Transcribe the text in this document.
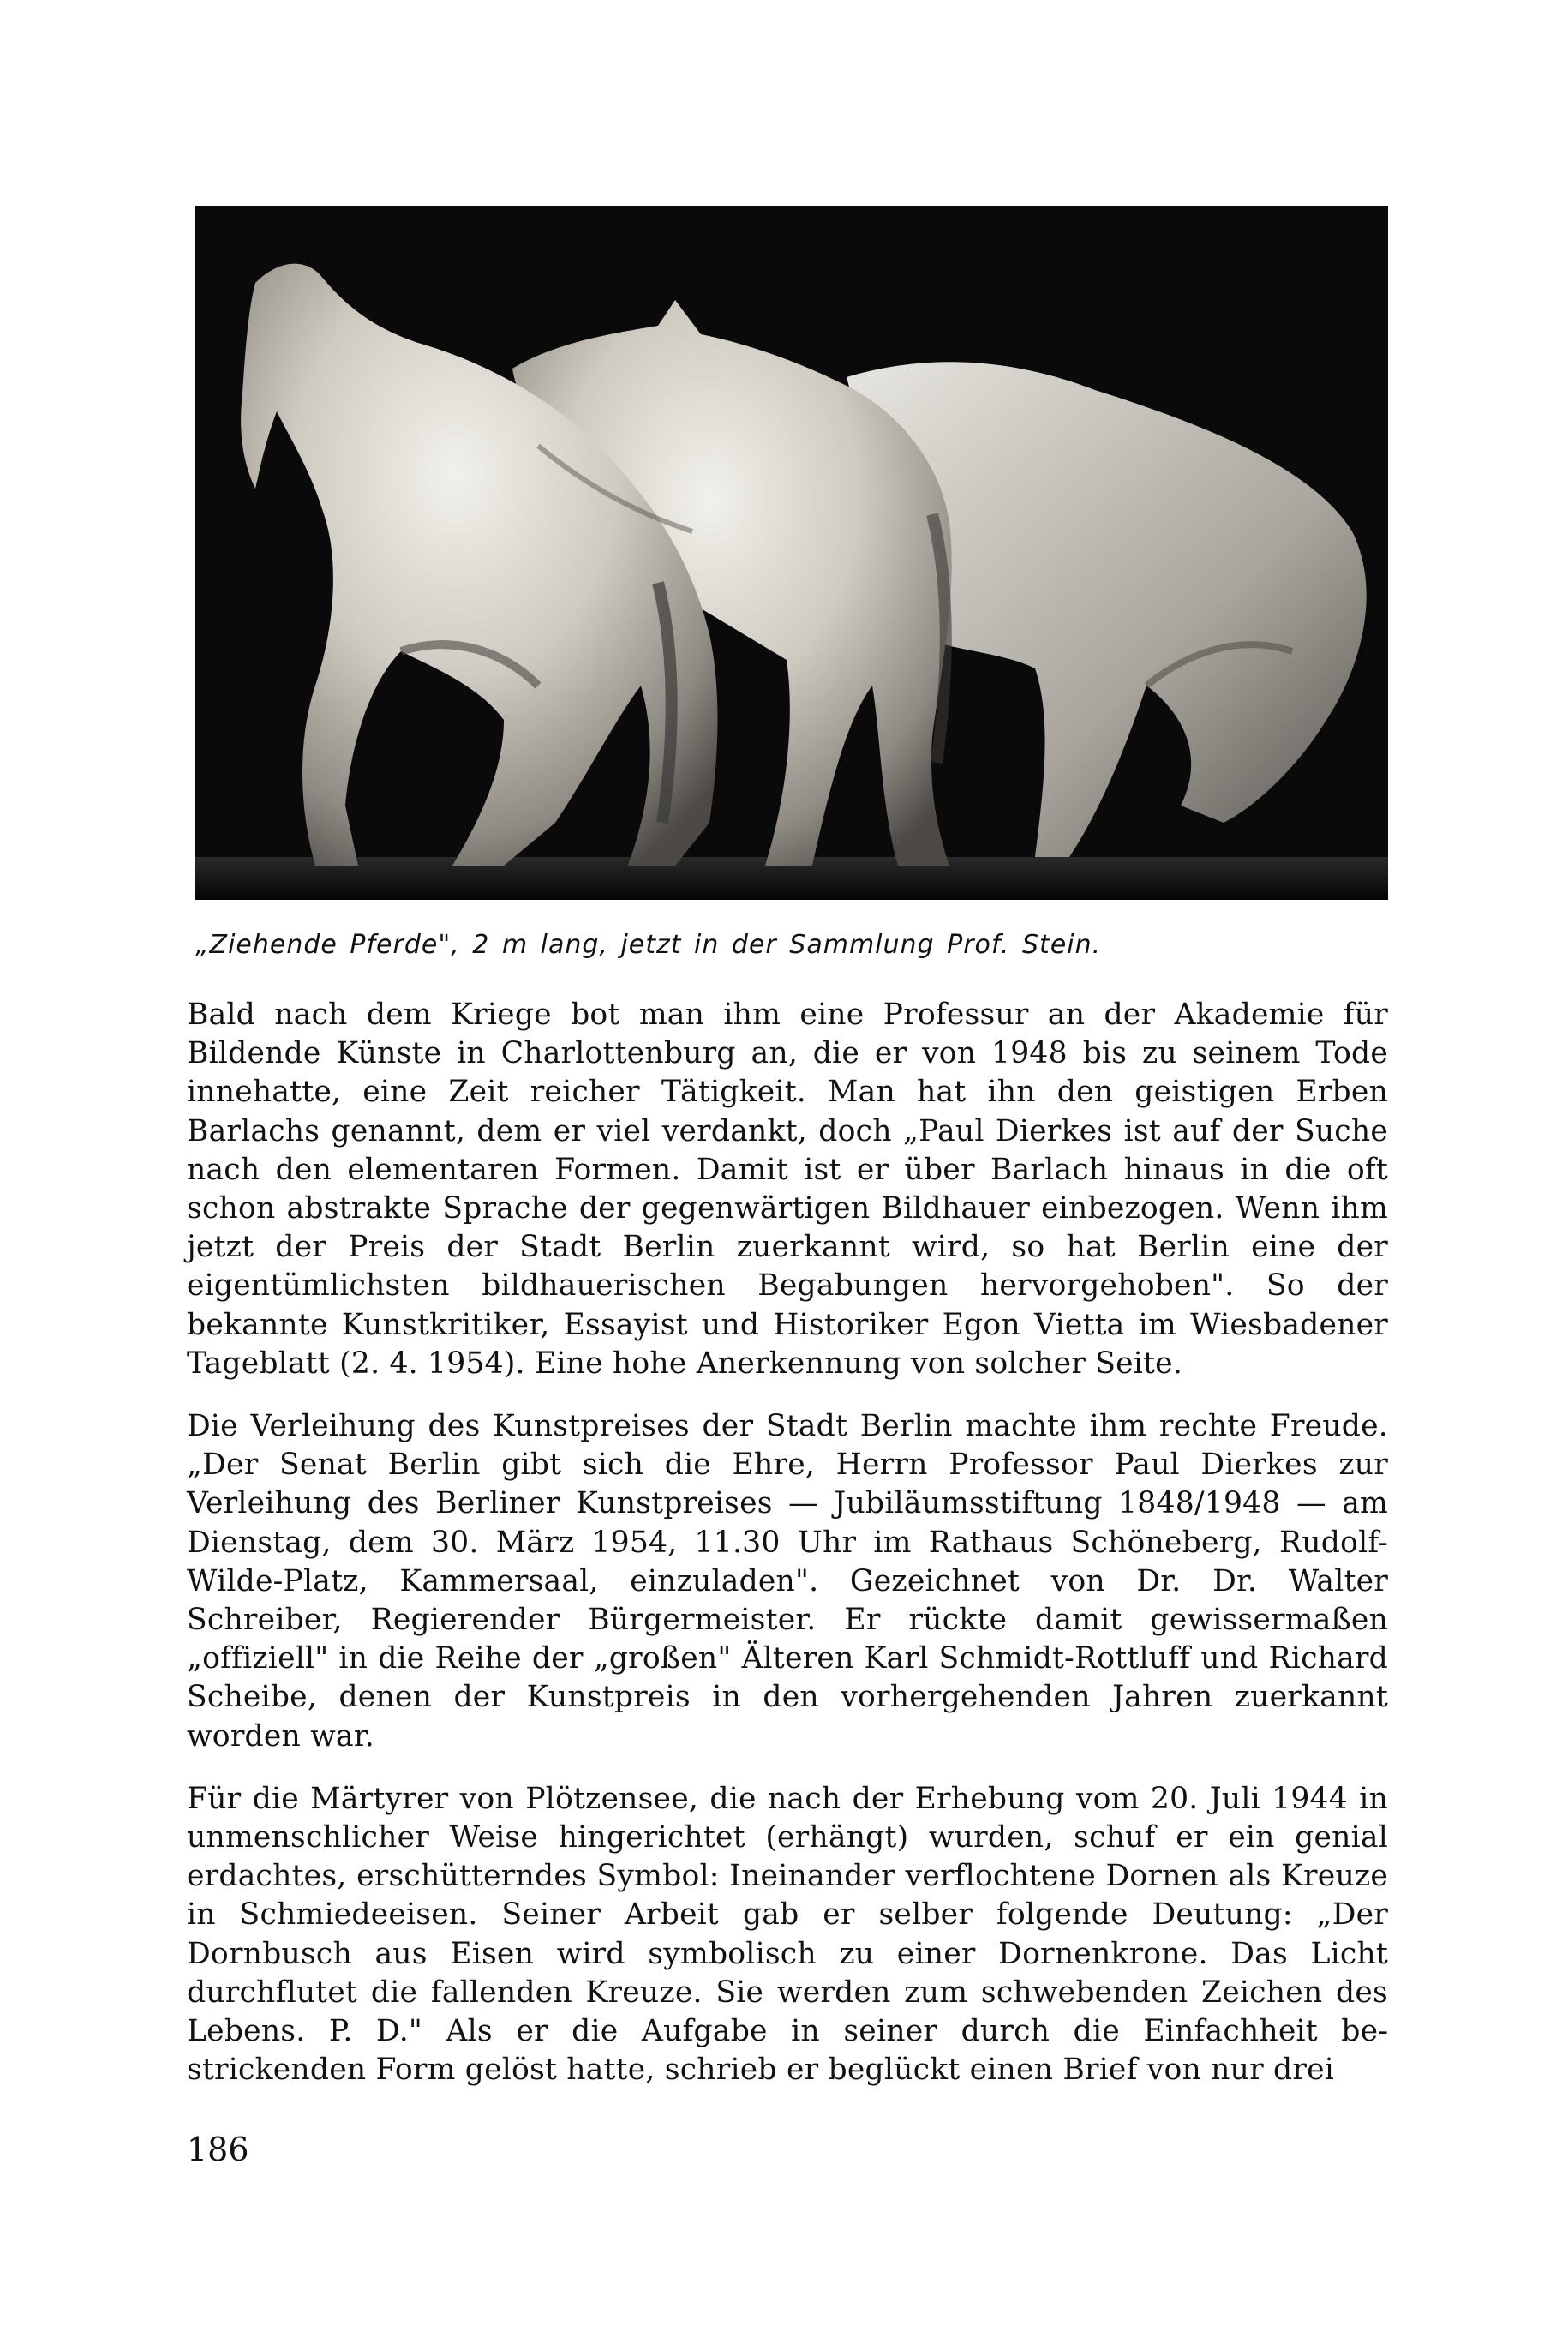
„Ziehende Pferde", 2 m lang, jetzt in der Sammlung Prof. Stein.

Bald nach dem Kriege bot man ihm eine Professur an der Akademie für Bildende Künste in Charlottenburg an, die er von 1948 bis zu seinem Tode innehatte, eine Zeit reicher Tätigkeit. Man hat ihn den geistigen Erben Barlachs genannt, dem er viel verdankt, doch „Paul Dierkes ist auf der Suche nach den elementaren Formen. Damit ist er über Barlach hinaus in die oft schon abstrakte Sprache der gegenwärtigen Bildhauer einbezogen. Wenn ihm jetzt der Preis der Stadt Berlin zuerkannt wird, so hat Berlin eine der eigentümlichsten bildhauerischen Begabungen hervorgehoben". So der bekannte Kunstkritiker, Essayist und Historiker Egon Vietta im Wiesbadener Tageblatt (2. 4. 1954). Eine hohe Anerkennung von solcher Seite.

Die Verleihung des Kunstpreises der Stadt Berlin machte ihm rechte Freude. „Der Senat Berlin gibt sich die Ehre, Herrn Professor Paul Dierkes zur Verleihung des Berliner Kunstpreises — Jubiläumsstiftung 1848/1948 — am Dienstag, dem 30. März 1954, 11.30 Uhr im Rathaus Schöneberg, Rudolf-Wilde-Platz, Kammersaal, einzuladen". Gezeichnet von Dr. Dr. Walter Schreiber, Regierender Bürgermeister. Er rückte damit gewissermaßen „offiziell" in die Reihe der „großen" Älteren Karl Schmidt-Rottluff und Richard Scheibe, denen der Kunstpreis in den vorhergehenden Jahren zuerkannt worden war.

Für die Märtyrer von Plötzensee, die nach der Erhebung vom 20. Juli 1944 in unmenschlicher Weise hingerichtet (erhängt) wurden, schuf er ein genial erdachtes, erschütterndes Symbol: Ineinander verflochtene Dornen als Kreuze in Schmiedeeisen. Seiner Arbeit gab er selber folgende Deutung: „Der Dornbusch aus Eisen wird symbolisch zu einer Dornenkrone. Das Licht durchflutet die fallenden Kreuze. Sie werden zum schwebenden Zeichen des Lebens. P. D." Als er die Aufgabe in seiner durch die Einfachheit bestrickenden Form gelöst hatte, schrieb er beglückt einen Brief von nur drei

186
